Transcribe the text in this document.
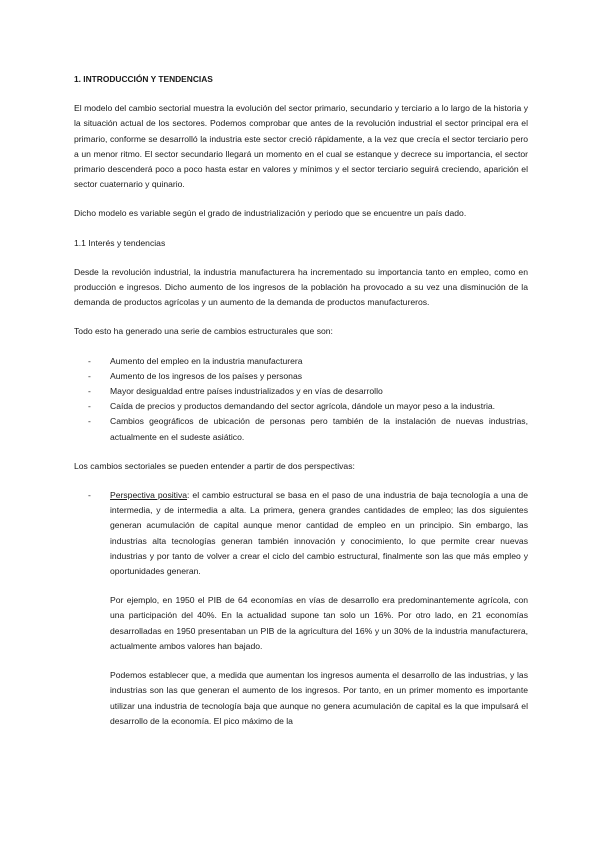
1. INTRODUCCIÓN Y TENDENCIAS

El modelo del cambio sectorial muestra la evolución del sector primario, secundario y terciario a lo largo de la historia y la situación actual de los sectores. Podemos comprobar que antes de la revolución industrial el sector principal era el primario, conforme se desarrolló la industria este sector creció rápidamente, a la vez que crecía el sector terciario pero a un menor ritmo. El sector secundario llegará un momento en el cual se estanque y decrece su importancia, el sector primario descenderá poco a poco hasta estar en valores y mínimos y el sector terciario seguirá creciendo, aparición el sector cuaternario y quinario.

Dicho modelo es variable según el grado de industrialización y periodo que se encuentre un país dado.

1.1 Interés y tendencias

Desde la revolución industrial, la industria manufacturera ha incrementado su importancia tanto en empleo, como en producción e ingresos. Dicho aumento de los ingresos de la población ha provocado a su vez una disminución de la demanda de productos agrícolas y un aumento de la demanda de productos manufactureros.

Todo esto ha generado una serie de cambios estructurales que son:

- Aumento del empleo en la industria manufacturera
- Aumento de los ingresos de los países y personas
- Mayor desigualdad entre países industrializados y en vías de desarrollo
- Caída de precios y productos demandando del sector agrícola, dándole un mayor peso a la industria.
- Cambios geográficos de ubicación de personas pero también de la instalación de nuevas industrias, actualmente en el sudeste asiático.

Los cambios sectoriales se pueden entender a partir de dos perspectivas:

- Perspectiva positiva: el cambio estructural se basa en el paso de una industria de baja tecnología a una de intermedia, y de intermedia a alta. La primera, genera grandes cantidades de empleo; las dos siguientes generan acumulación de capital aunque menor cantidad de empleo en un principio. Sin embargo, las industrias alta tecnologías generan también innovación y conocimiento, lo que permite crear nuevas industrias y por tanto de volver a crear el ciclo del cambio estructural, finalmente son las que más empleo y oportunidades generan.

Por ejemplo, en 1950 el PIB de 64 economías en vías de desarrollo era predominantemente agrícola, con una participación del 40%. En la actualidad supone tan solo un 16%. Por otro lado, en 21 economías desarrolladas en 1950 presentaban un PIB de la agricultura del 16% y un 30% de la industria manufacturera, actualmente ambos valores han bajado.

Podemos establecer que, a medida que aumentan los ingresos aumenta el desarrollo de las industrias, y las industrias son las que generan el aumento de los ingresos. Por tanto, en un primer momento es importante utilizar una industria de tecnología baja que aunque no genera acumulación de capital es la que impulsará el desarrollo de la economía. El pico máximo de la
